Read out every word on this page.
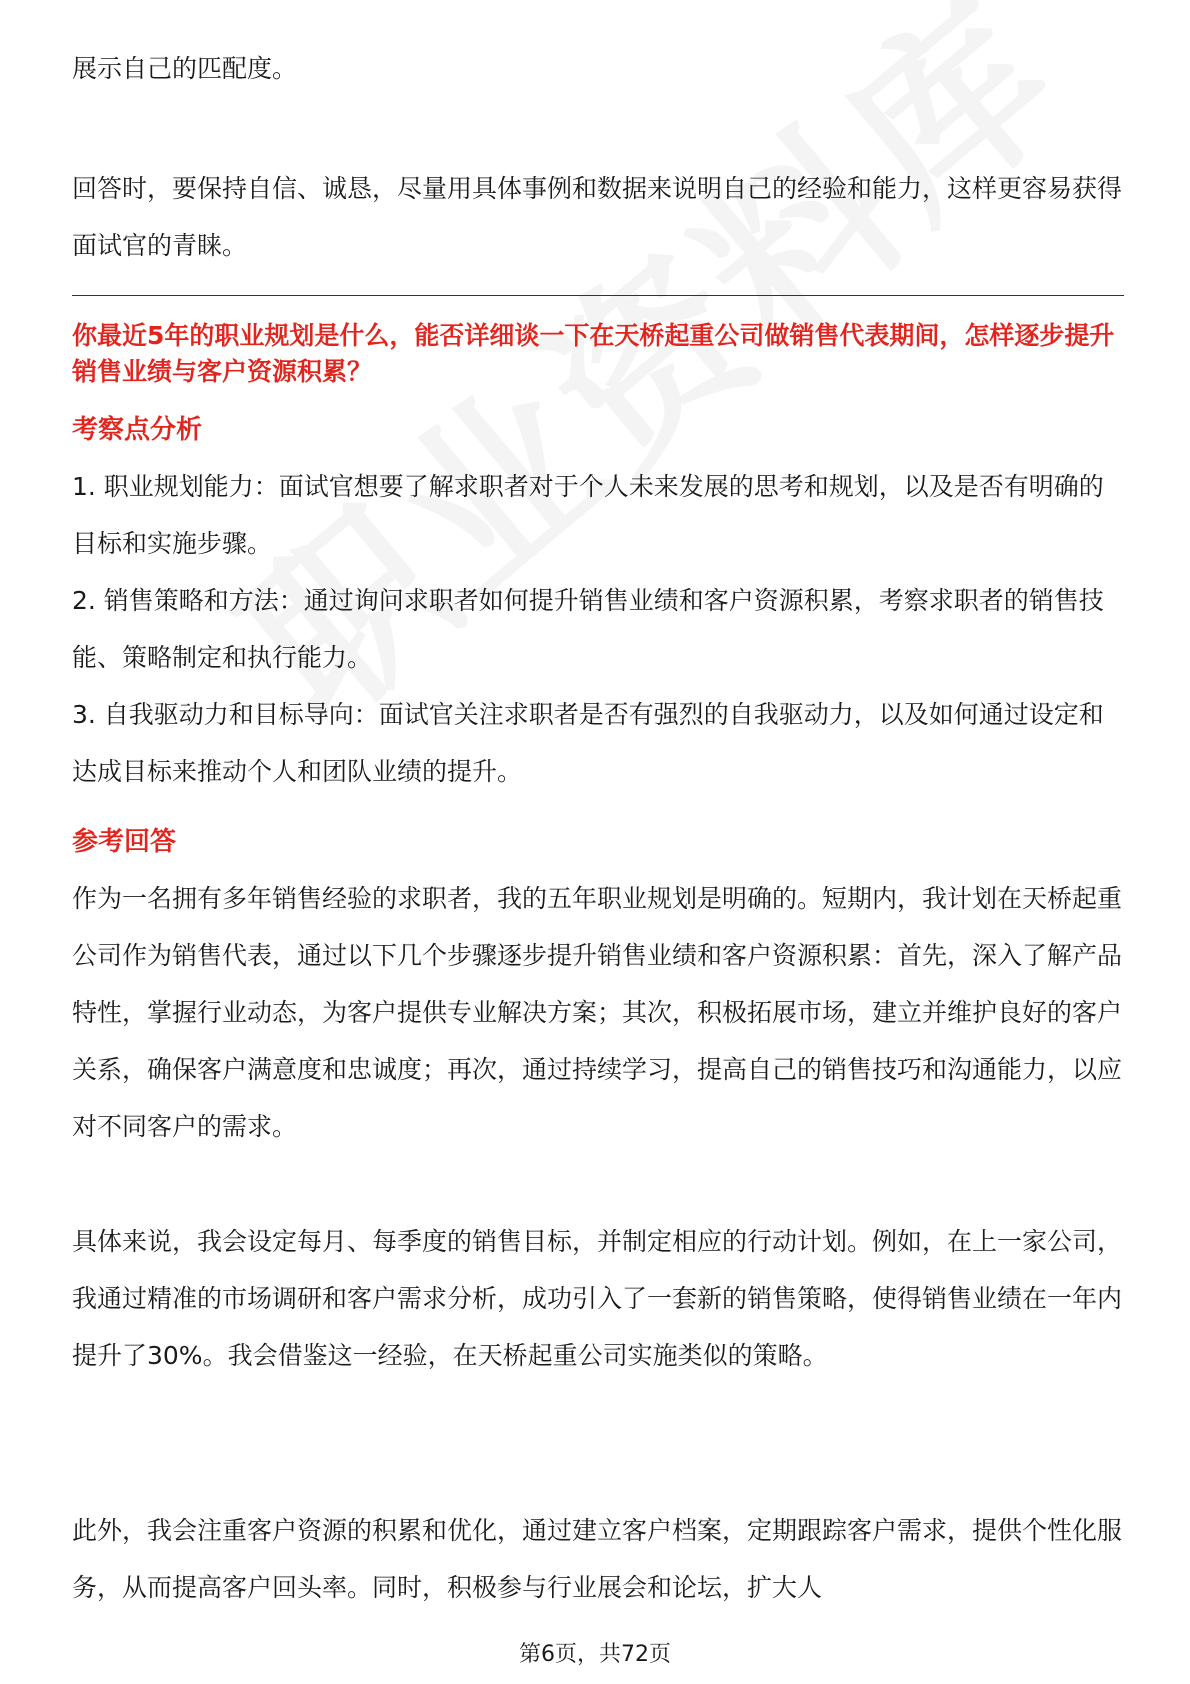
展示自己的匹配度。

回答时，要保持自信、诚恳，尽量用具体事例和数据来说明自己的经验和能力，这样更容易获得面试官的青睐。

你最近5年的职业规划是什么，能否详细谈一下在天桥起重公司做销售代表期间，怎样逐步提升销售业绩与客户资源积累？

考察点分析
1. 职业规划能力：面试官想要了解求职者对于个人未来发展的思考和规划，以及是否有明确的目标和实施步骤。
2. 销售策略和方法：通过询问求职者如何提升销售业绩和客户资源积累，考察求职者的销售技能、策略制定和执行能力。
3. 自我驱动力和目标导向：面试官关注求职者是否有强烈的自我驱动力，以及如何通过设定和达成目标来推动个人和团队业绩的提升。
参考回答

作为一名拥有多年销售经验的求职者，我的五年职业规划是明确的。短期内，我计划在天桥起重公司作为销售代表，通过以下几个步骤逐步提升销售业绩和客户资源积累：首先，深入了解产品特性，掌握行业动态，为客户提供专业解决方案；其次，积极拓展市场，建立并维护良好的客户关系，确保客户满意度和忠诚度；再次，通过持续学习，提高自己的销售技巧和沟通能力，以应对不同客户的需求。

具体来说，我会设定每月、每季度的销售目标，并制定相应的行动计划。例如，在上一家公司，我通过精准的市场调研和客户需求分析，成功引入了一套新的销售策略，使得销售业绩在一年内提升了30%。我会借鉴这一经验，在天桥起重公司实施类似的策略。

此外，我会注重客户资源的积累和优化，通过建立客户档案，定期跟踪客户需求，提供个性化服务，从而提高客户回头率。同时，积极参与行业展会和论坛，扩大人

第6页，共72页
